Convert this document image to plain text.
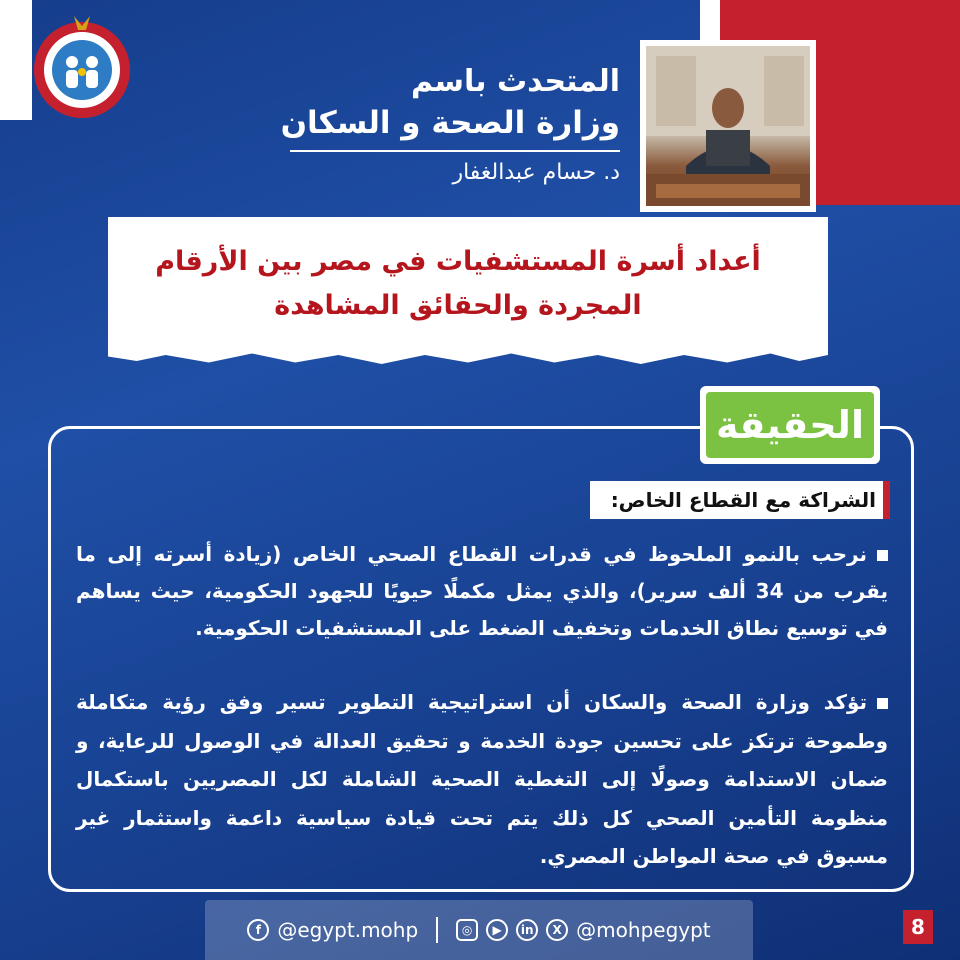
المتحدث باسم
وزارة الصحة و السكان
د. حسام عبدالغفار
أعداد أسرة المستشفيات في مصر بين الأرقام
المجردة والحقائق المشاهدة
الحقيقة
الشراكة مع القطاع الخاص:
نرحب بالنمو الملحوظ في قدرات القطاع الصحي الخاص (زيادة أسرته إلى ما يقرب من 34 ألف سرير)، والذي يمثل مكملًا حيويًا للجهود الحكومية، حيث يساهم في توسيع نطاق الخدمات وتخفيف الضغط على المستشفيات الحكومية.
تؤكد وزارة الصحة والسكان أن استراتيجية التطوير تسير وفق رؤية متكاملة وطموحة ترتكز على تحسين جودة الخدمة و تحقيق العدالة في الوصول للرعاية، و ضمان الاستدامة وصولًا إلى التغطية الصحية الشاملة لكل المصريين باستكمال منظومة التأمين الصحي كل ذلك يتم تحت قيادة سياسية داعمة واستثمار غير مسبوق في صحة المواطن المصري.
f @egypt.mohp	◎	▶	in	X @mohpegypt	8
